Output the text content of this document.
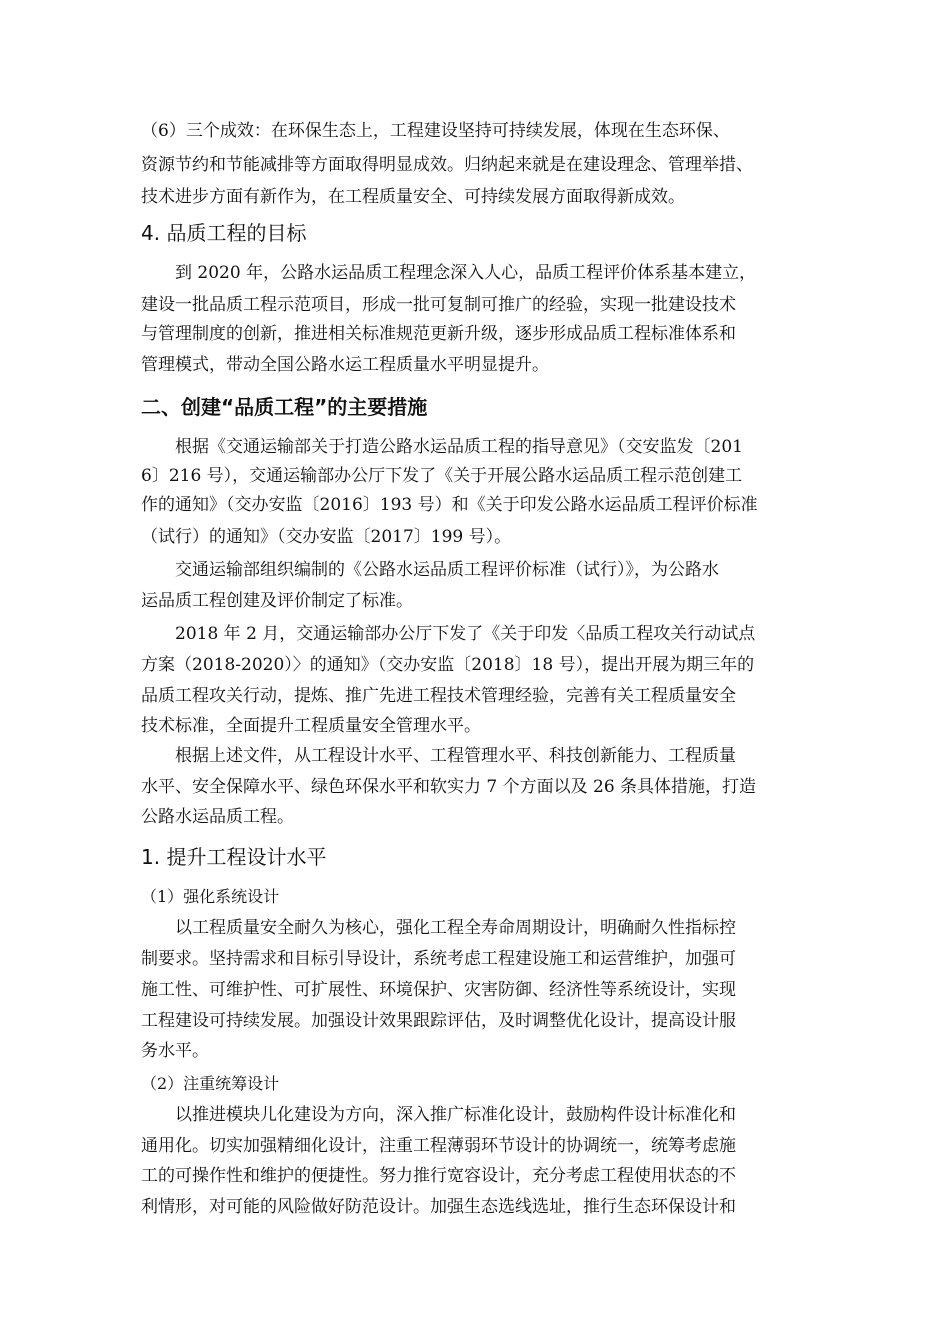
（6）三个成效：在环保生态上，工程建设坚持可持续发展，体现在生态环保、
资源节约和节能减排等方面取得明显成效。归纳起来就是在建设理念、管理举措、
技术进步方面有新作为，在工程质量安全、可持续发展方面取得新成效。
4. 品质工程的目标
到 2020 年，公路水运品质工程理念深入人心，品质工程评价体系基本建立，
建设一批品质工程示范项目，形成一批可复制可推广的经验，实现一批建设技术
与管理制度的创新，推进相关标准规范更新升级，逐步形成品质工程标准体系和
管理模式，带动全国公路水运工程质量水平明显提升。
二、创建“品质工程”的主要措施
根据《交通运输部关于打造公路水运品质工程的指导意见》（交安监发〔201
6〕216 号），交通运输部办公厅下发了《关于开展公路水运品质工程示范创建工
作的通知》（交办安监〔2016〕193 号）和《关于印发公路水运品质工程评价标准
（试行）的通知》（交办安监〔2017〕199 号）。
交通运输部组织编制的《公路水运品质工程评价标准（试行）》，为公路水
运品质工程创建及评价制定了标准。
2018 年 2 月，交通运输部办公厅下发了《关于印发〈品质工程攻关行动试点
方案（2018-2020）〉的通知》（交办安监〔2018〕18 号），提出开展为期三年的
品质工程攻关行动，提炼、推广先进工程技术管理经验，完善有关工程质量安全
技术标准，全面提升工程质量安全管理水平。
根据上述文件，从工程设计水平、工程管理水平、科技创新能力、工程质量
水平、安全保障水平、绿色环保水平和软实力 7 个方面以及 26 条具体措施，打造
公路水运品质工程。
1. 提升工程设计水平
（1）强化系统设计
以工程质量安全耐久为核心，强化工程全寿命周期设计，明确耐久性指标控
制要求。坚持需求和目标引导设计，系统考虑工程建设施工和运营维护，加强可
施工性、可维护性、可扩展性、环境保护、灾害防御、经济性等系统设计，实现
工程建设可持续发展。加强设计效果跟踪评估，及时调整优化设计，提高设计服
务水平。
（2）注重统筹设计
以推进模块儿化建设为方向，深入推广标准化设计，鼓励构件设计标准化和
通用化。切实加强精细化设计，注重工程薄弱环节设计的协调统一，统筹考虑施
工的可操作性和维护的便捷性。努力推行宽容设计，充分考虑工程使用状态的不
利情形，对可能的风险做好防范设计。加强生态选线选址，推行生态环保设计和
